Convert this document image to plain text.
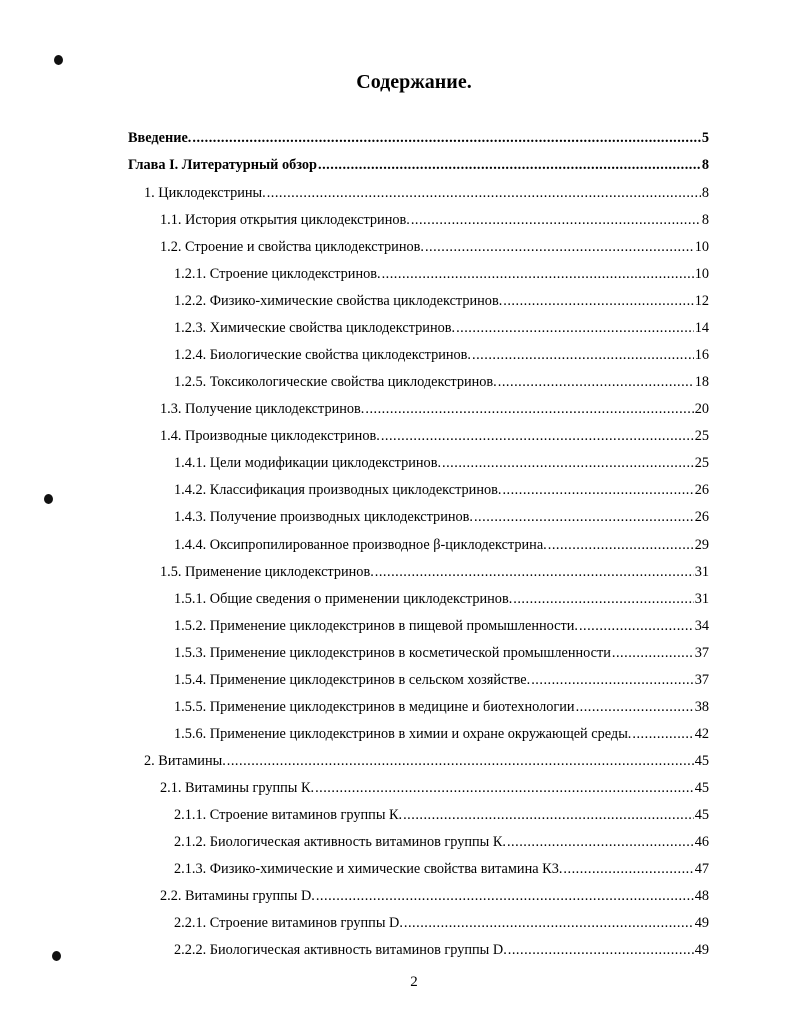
Содержание.
Введение. .....	5
Глава I. Литературный обзор .....	8
1. Циклодекстрины. .....	8
1.1. История открытия циклодекстринов. .....	8
1.2. Строение и свойства циклодекстринов. .....	10
1.2.1. Строение циклодекстринов. .....	10
1.2.2. Физико-химические свойства циклодекстринов. .....	12
1.2.3. Химические свойства циклодекстринов. .....	14
1.2.4. Биологические свойства циклодекстринов. .....	16
1.2.5. Токсикологические свойства циклодекстринов. .....	18
1.3. Получение циклодекстринов. .....	20
1.4. Производные циклодекстринов. .....	25
1.4.1. Цели модификации циклодекстринов. .....	25
1.4.2. Классификация производных циклодекстринов. .....	26
1.4.3. Получение производных циклодекстринов. .....	26
1.4.4. Оксипропилированное производное β-циклодекстрина. .....	29
1.5. Применение циклодекстринов. .....	31
1.5.1. Общие сведения о применении циклодекстринов. .....	31
1.5.2. Применение циклодекстринов в пищевой промышленности. .....	34
1.5.3. Применение циклодекстринов в косметической промышленности .....	37
1.5.4. Применение циклодекстринов в сельском хозяйстве. .....	37
1.5.5. Применение циклодекстринов в медицине и биотехнологии .....	38
1.5.6. Применение циклодекстринов в химии и охране окружающей среды. .....	42
2. Витамины. .....	45
2.1. Витамины группы К. .....	45
2.1.1. Строение витаминов группы К. .....	45
2.1.2. Биологическая активность витаминов группы К. .....	46
2.1.3. Физико-химические и химические свойства витамина К3. .....	47
2.2. Витамины группы D. .....	48
2.2.1. Строение витаминов группы D. .....	49
2.2.2. Биологическая активность витаминов группы D. .....	49
2
